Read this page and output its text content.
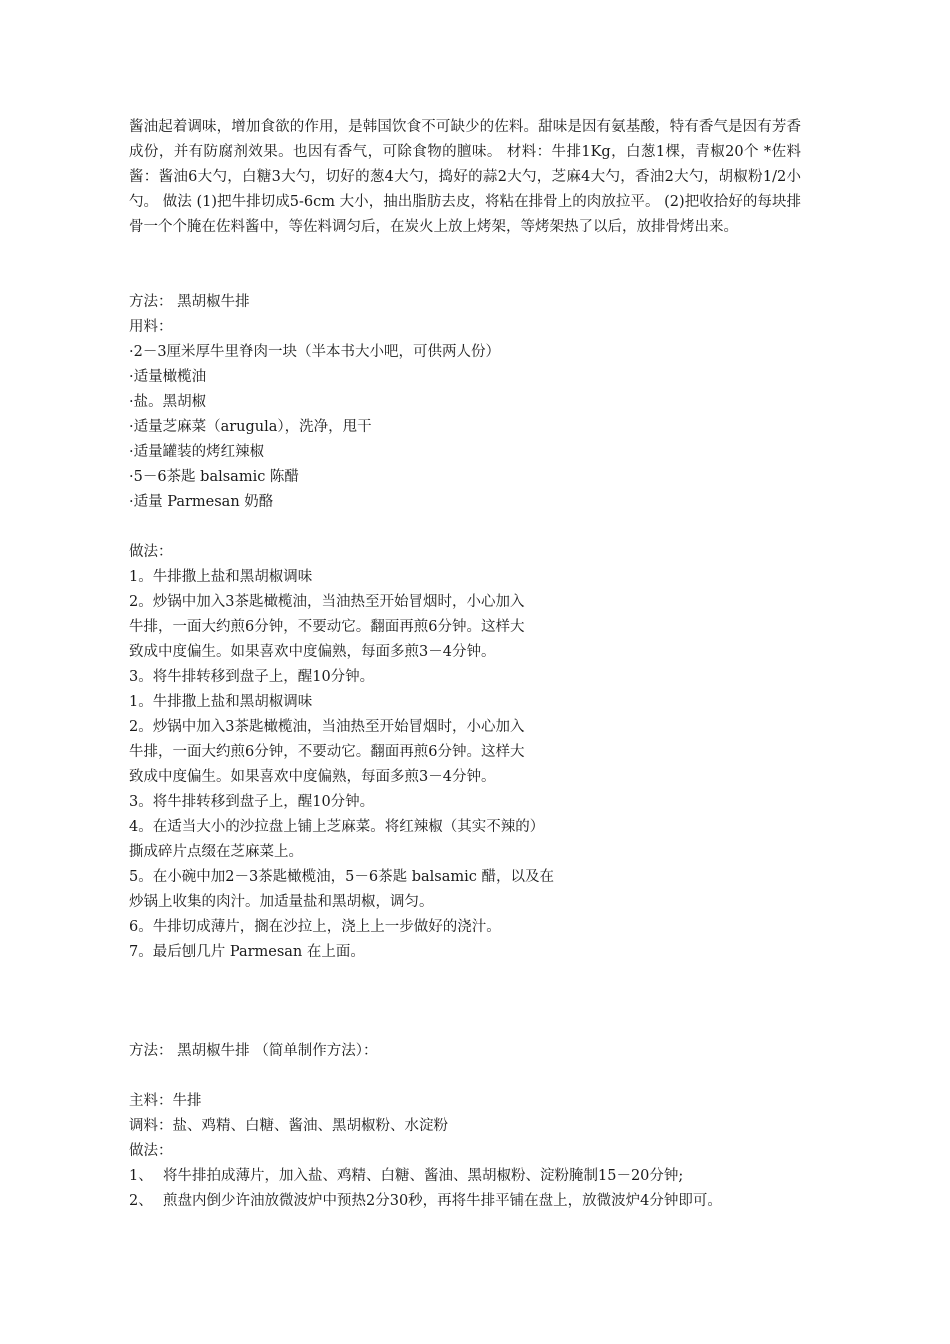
酱油起着调味，增加食欲的作用，是韩国饮食不可缺少的佐料。甜味是因有氨基酸，特有香气是因有芳香成份，并有防腐剂效果。也因有香气，可除食物的膻味。 材料：牛排1Kg，白葱1棵，青椒20个 *佐料酱：酱油6大勺，白糖3大勺，切好的葱4大勺，捣好的蒜2大勺，芝麻4大勺，香油2大勺，胡椒粉1/2小勺。 做法 (1)把牛排切成5-6cm 大小，抽出脂肪去皮，将粘在排骨上的肉放拉平。 (2)把收拾好的每块排骨一个个腌在佐料酱中，等佐料调匀后，在炭火上放上烤架，等烤架热了以后，放排骨烤出来。

方法： 黑胡椒牛排
用料：
·2－3厘米厚牛里脊肉一块（半本书大小吧，可供两人份）
·适量橄榄油
·盐。黑胡椒
·适量芝麻菜（arugula），洗净，甩干
·适量罐装的烤红辣椒
·5－6茶匙 balsamic 陈醋
·适量 Parmesan 奶酪
做法：
1。牛排撒上盐和黑胡椒调味
2。炒锅中加入3茶匙橄榄油，当油热至开始冒烟时，小心加入
牛排，一面大约煎6分钟，不要动它。翻面再煎6分钟。这样大
致成中度偏生。如果喜欢中度偏熟，每面多煎3－4分钟。
3。将牛排转移到盘子上，醒10分钟。
1。牛排撒上盐和黑胡椒调味
2。炒锅中加入3茶匙橄榄油，当油热至开始冒烟时，小心加入
牛排，一面大约煎6分钟，不要动它。翻面再煎6分钟。这样大
致成中度偏生。如果喜欢中度偏熟，每面多煎3－4分钟。
3。将牛排转移到盘子上，醒10分钟。
4。在适当大小的沙拉盘上铺上芝麻菜。将红辣椒（其实不辣的）
撕成碎片点缀在芝麻菜上。
5。在小碗中加2－3茶匙橄榄油，5－6茶匙 balsamic 醋，以及在
炒锅上收集的肉汁。加适量盐和黑胡椒，调匀。
6。牛排切成薄片，搁在沙拉上，浇上上一步做好的浇汁。
7。最后刨几片 Parmesan 在上面。
方法： 黑胡椒牛排 （简单制作方法）：
主料：牛排
调料：盐、鸡精、白糖、酱油、黑胡椒粉、水淀粉
做法：
1、 将牛排拍成薄片，加入盐、鸡精、白糖、酱油、黑胡椒粉、淀粉腌制15－20分钟;
2、 煎盘内倒少许油放微波炉中预热2分30秒，再将牛排平铺在盘上，放微波炉4分钟即可。
